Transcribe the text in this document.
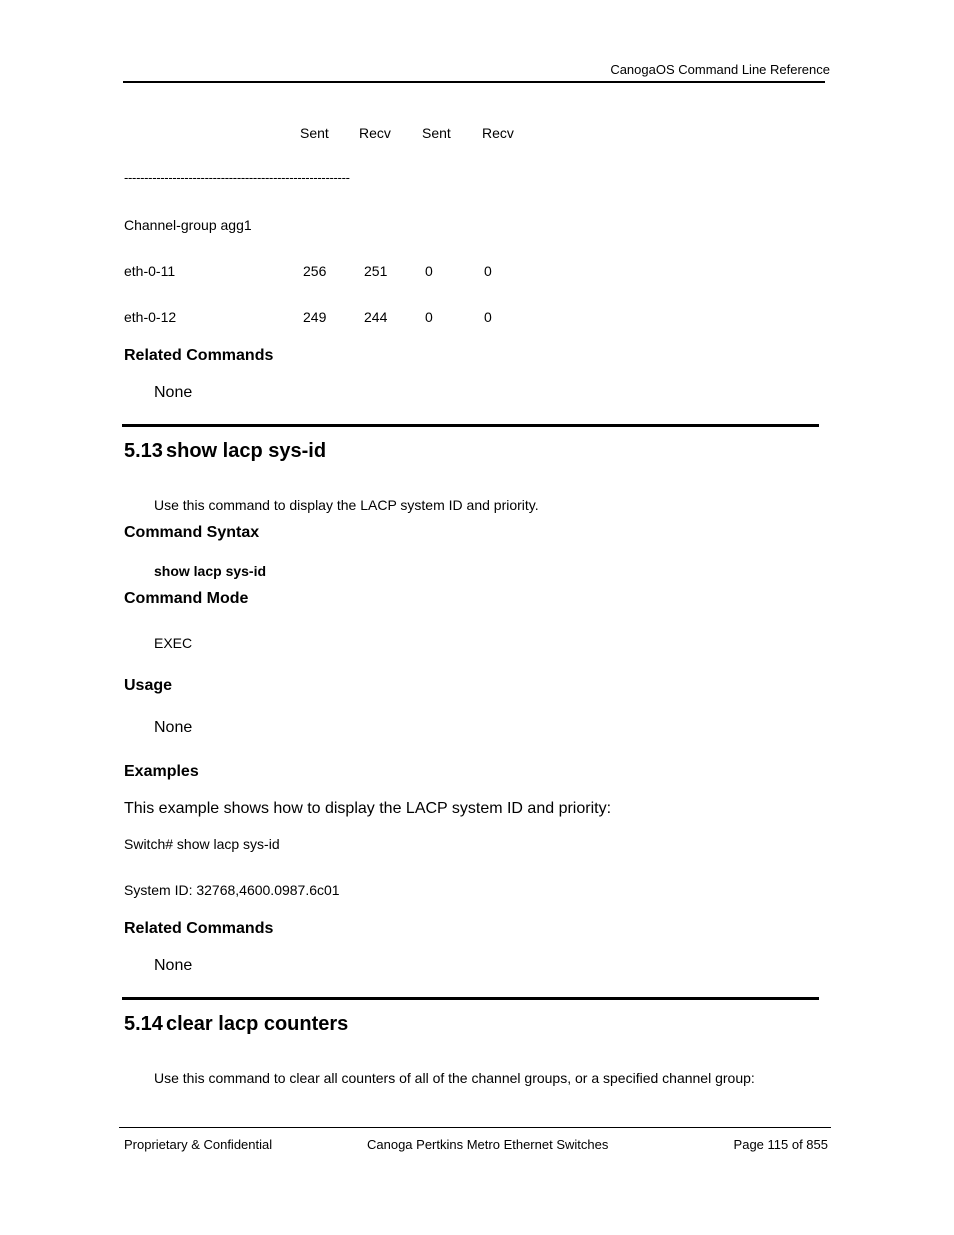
CanogaOS Command Line Reference
Sent Recv Sent Recv
--------------------------------------------------------
Channel-group agg1
eth-0-11	256	251	0	0
eth-0-12	249	244	0	0
Related Commands
None
5.13 show lacp sys-id
Use this command to display the LACP system ID and priority.
Command Syntax
show lacp sys-id
Command Mode
EXEC
Usage
None
Examples
This example shows how to display the LACP system ID and priority:
Switch# show lacp sys-id
System ID: 32768,4600.0987.6c01
Related Commands
None
5.14 clear lacp counters
Use this command to clear all counters of all of the channel groups, or a specified channel group:
Proprietary & Confidential	Canoga Pertkins Metro Ethernet Switches	Page 115 of 855
